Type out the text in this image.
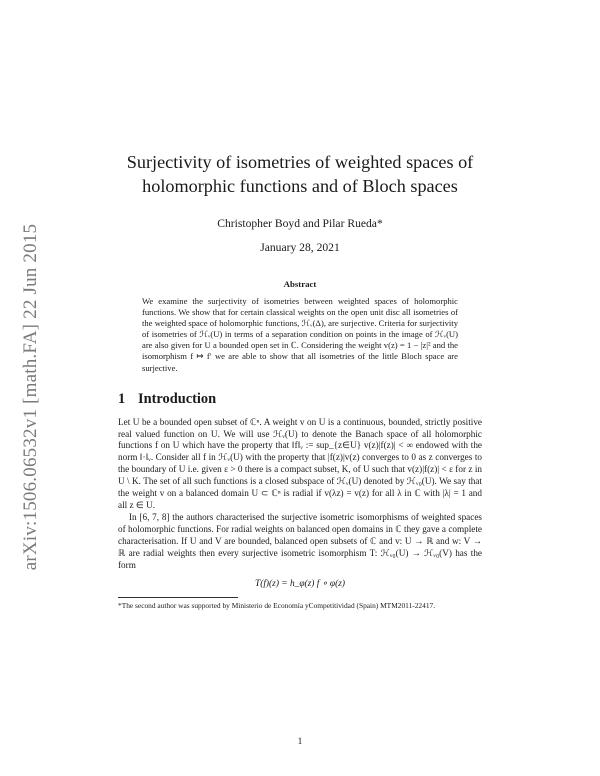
arXiv:1506.06532v1 [math.FA] 22 Jun 2015
Surjectivity of isometries of weighted spaces of
holomorphic functions and of Bloch spaces
Christopher Boyd and Pilar Rueda*
January 28, 2021
Abstract
We examine the surjectivity of isometries between weighted spaces of holomorphic functions. We show that for certain classical weights on the open unit disc all isometries of the weighted space of holomorphic functions, ℋᵥ(Δ), are surjective. Criteria for surjectivity of isometries of ℋᵥ(U) in terms of a separation condition on points in the image of ℋᵥ(U) are also given for U a bounded open set in ℂ. Considering the weight v(z) = 1 − |z|² and the isomorphism f ↦ f′ we are able to show that all isometries of the little Bloch space are surjective.
1 Introduction

Let U be a bounded open subset of ℂⁿ. A weight v on U is a continuous, bounded, strictly positive real valued function on U. We will use ℋᵥ(U) to denote the Banach space of all holomorphic functions f on U which have the property that ‖f‖ᵥ := sup_{z∈U} v(z)|f(z)| < ∞ endowed with the norm ‖·‖ᵥ. Consider all f in ℋᵥ(U) with the property that |f(z)|v(z) converges to 0 as z converges to the boundary of U i.e. given ε > 0 there is a compact subset, K, of U such that v(z)|f(z)| < ε for z in U \ K. The set of all such functions is a closed subspace of ℋᵥ(U) denoted by ℋᵥ₀(U). We say that the weight v on a balanced domain U ⊂ ℂⁿ is radial if v(λz) = v(z) for all λ in ℂ with |λ| = 1 and all z ∈ U.

In [6, 7, 8] the authors characterised the surjective isometric isomorphisms of weighted spaces of holomorphic functions. For radial weights on balanced open domains in ℂ they gave a complete characterisation. If U and V are bounded, balanced open subsets of ℂ and v: U → ℝ and w: V → ℝ are radial weights then every surjective isometric isomorphism T: ℋᵥ₀(U) → ℋᵥ₀(V) has the form

T(f)(z) = h_φ(z) f ∘ φ(z)
*The second author was supported by Ministerio de Economía yCompetitividad (Spain) MTM2011-22417.
1
